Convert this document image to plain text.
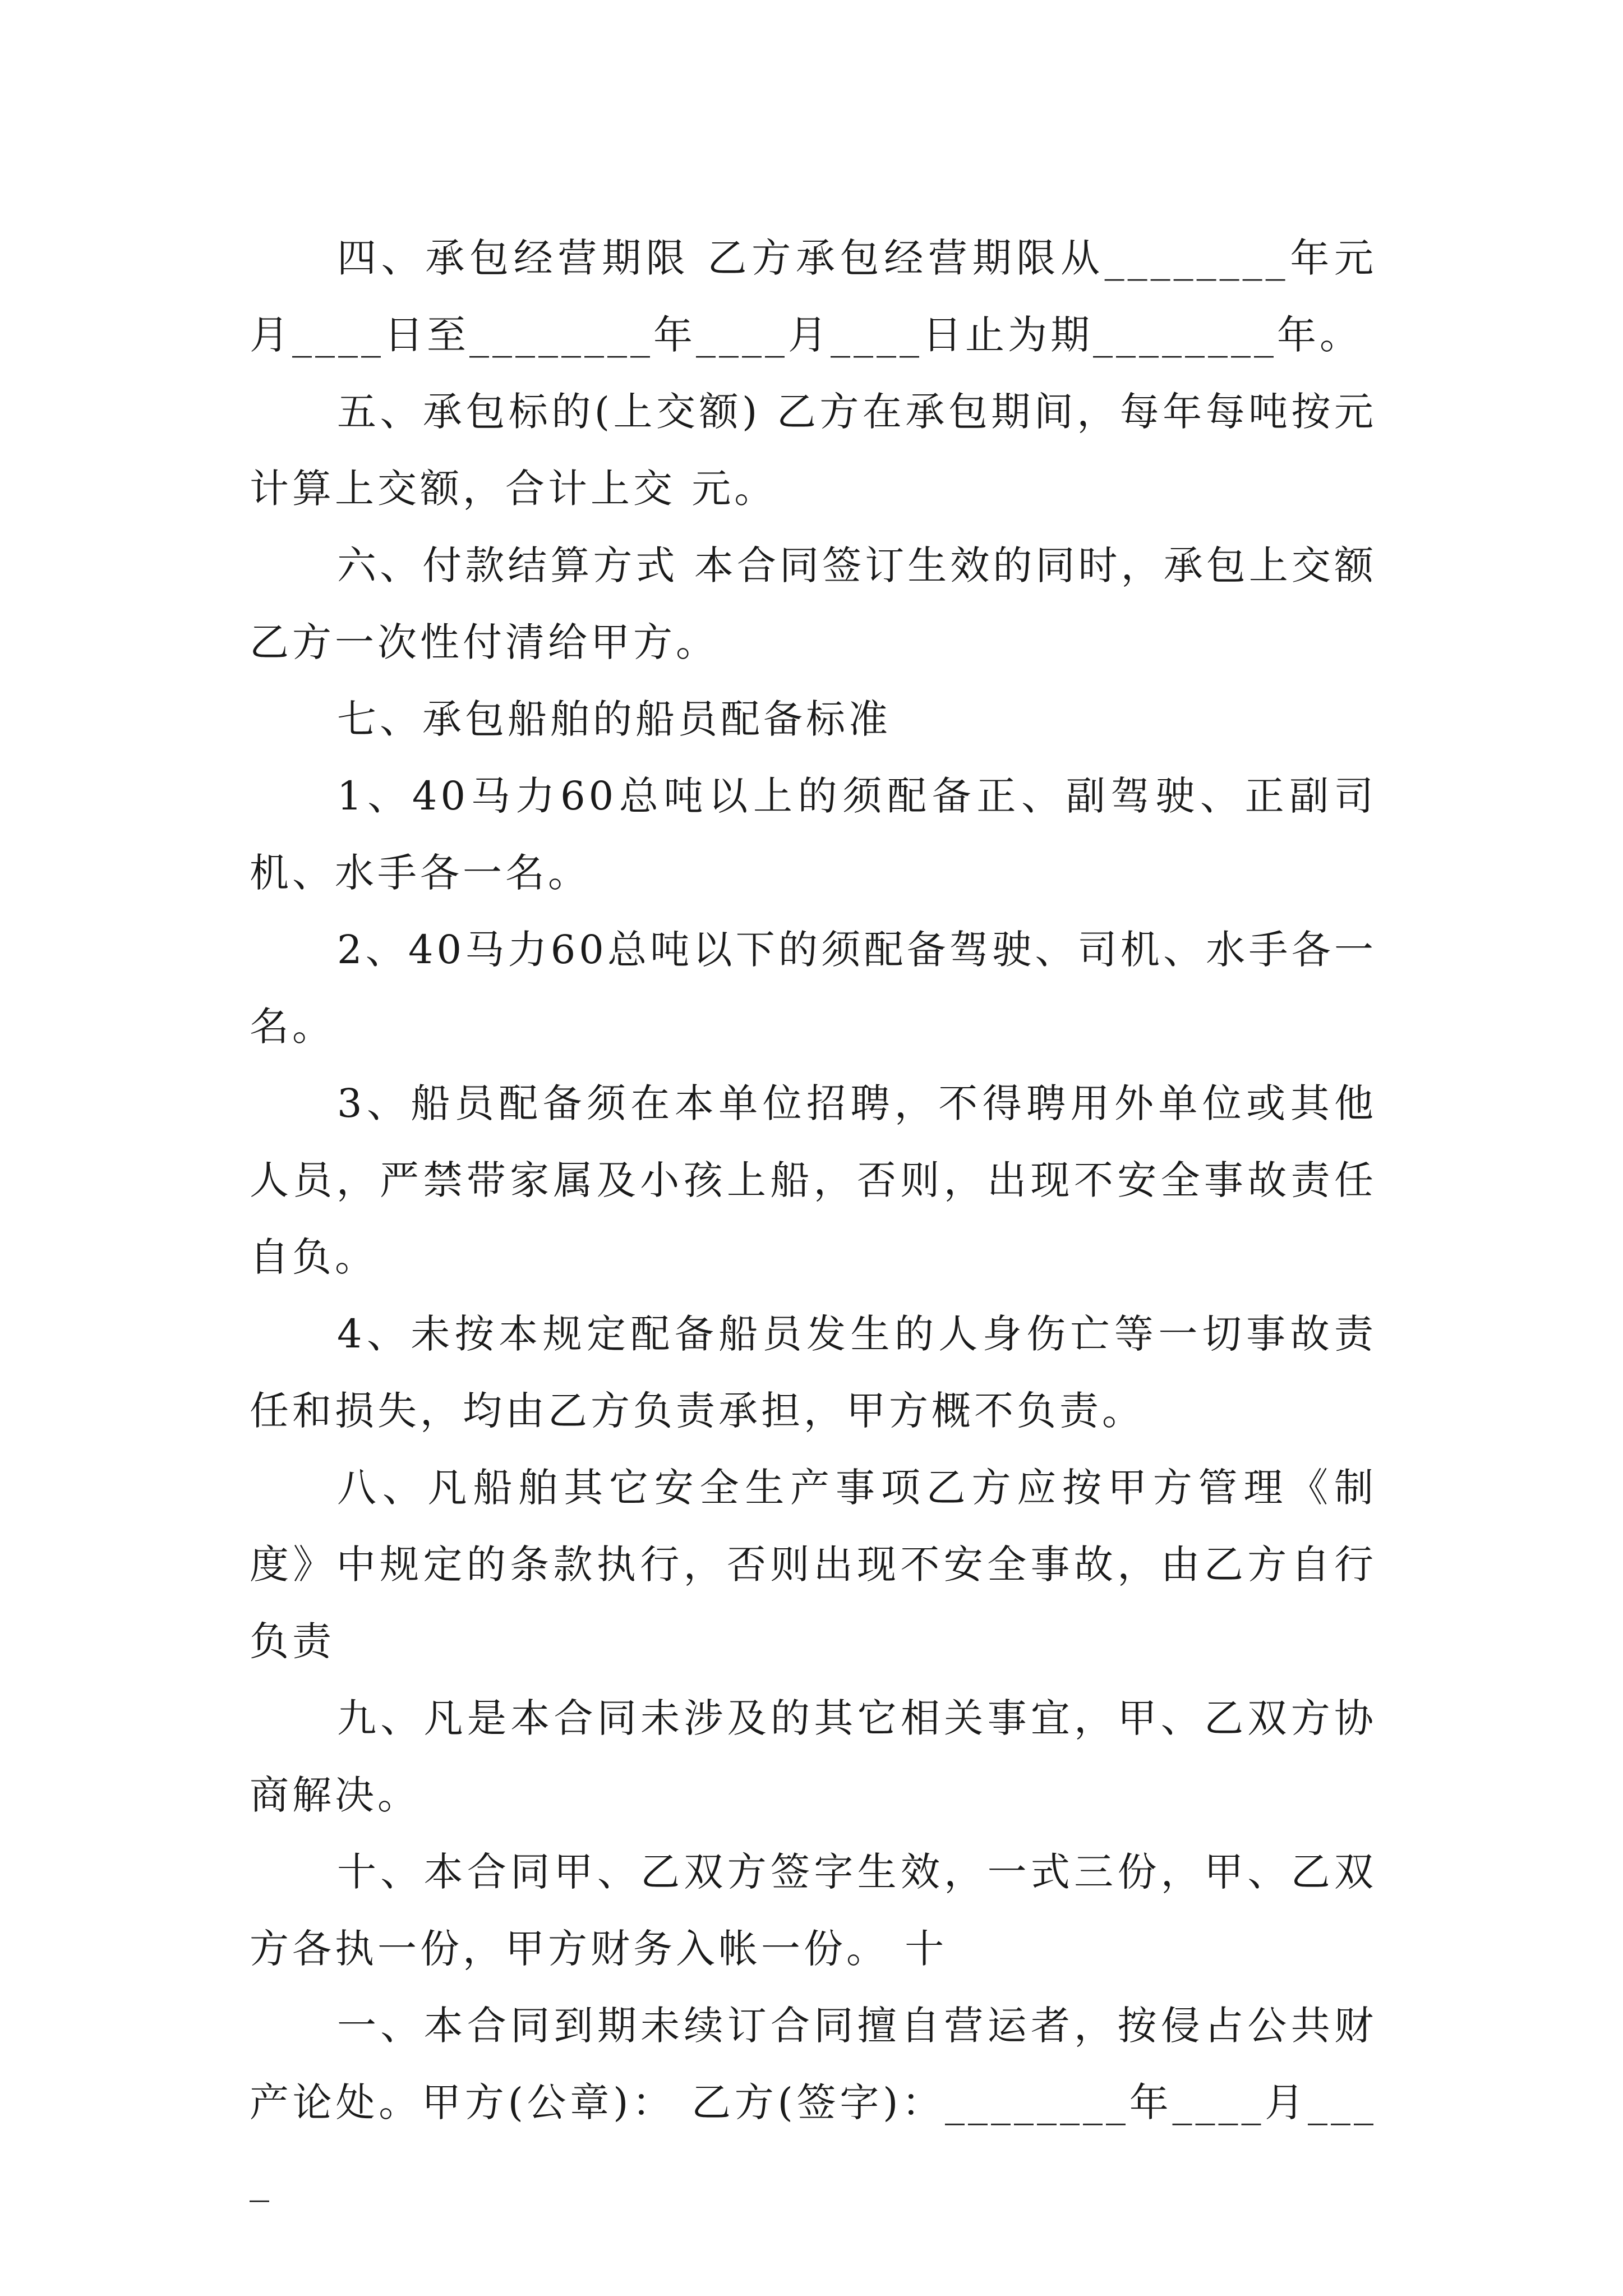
四、承包经营期限 乙方承包经营期限从________年元月____日至________年____月____日止为期________年。

五、承包标的(上交额) 乙方在承包期间，每年每吨按元计算上交额，合计上交 元。

六、付款结算方式 本合同签订生效的同时，承包上交额乙方一次性付清给甲方。

七、承包船舶的船员配备标准

1、40马力60总吨以上的须配备正、副驾驶、正副司机、水手各一名。

2、40马力60总吨以下的须配备驾驶、司机、水手各一名。

3、船员配备须在本单位招聘，不得聘用外单位或其他人员，严禁带家属及小孩上船，否则，出现不安全事故责任自负。

4、未按本规定配备船员发生的人身伤亡等一切事故责任和损失，均由乙方负责承担，甲方概不负责。

八、凡船舶其它安全生产事项乙方应按甲方管理《制度》中规定的条款执行，否则出现不安全事故，由乙方自行负责

九、凡是本合同未涉及的其它相关事宜，甲、乙双方协商解决。

十、本合同甲、乙双方签字生效，一式三份，甲、乙双方各执一份，甲方财务入帐一份。 十

一、本合同到期未续订合同擅自营运者，按侵占公共财产论处。甲方(公章)： 乙方(签字)：________年____月____
